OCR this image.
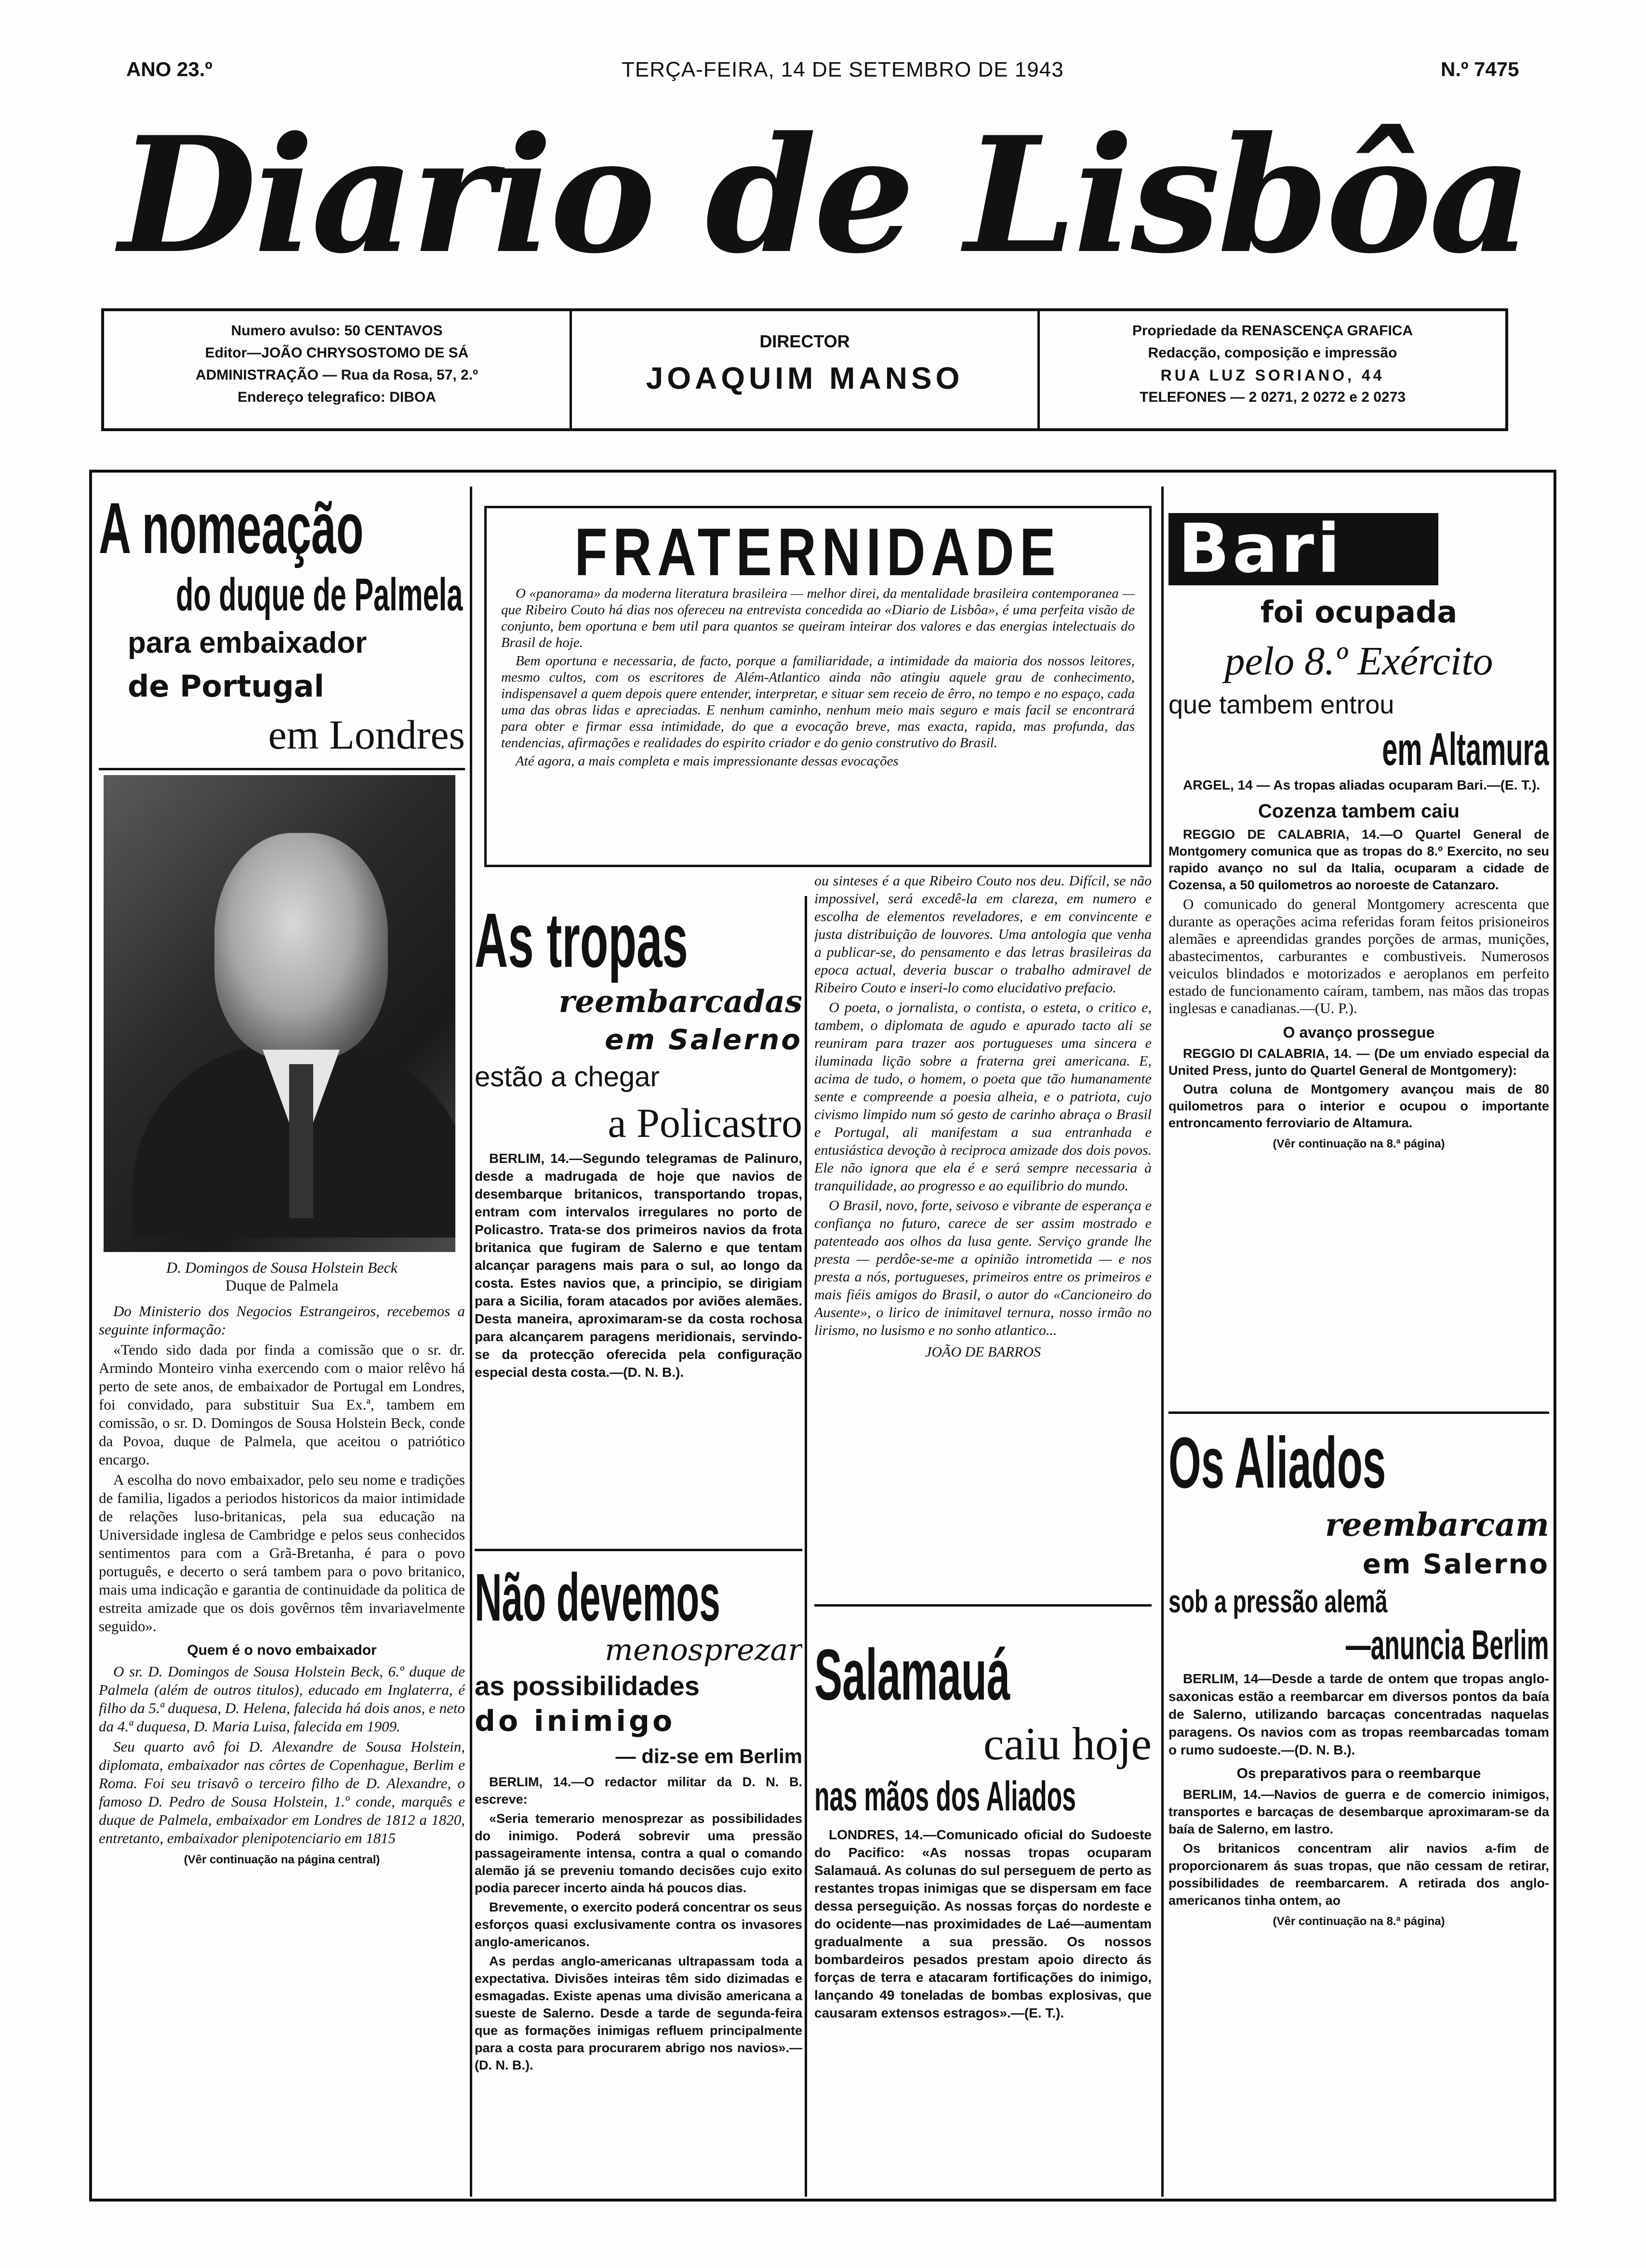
ANO 23.º	TERÇA-FEIRA, 14 DE SETEMBRO DE 1943	N.º 7475
Diario de Lisbôa
Numero avulso: 50 CENTAVOS
Editor—JOÃO CHRYSOSTOMO DE SÁ
ADMINISTRAÇÃO — Rua da Rosa, 57, 2.º
Endereço telegrafico: DIBOA
DIRECTOR
JOAQUIM MANSO
Propriedade da RENASCENÇA GRAFICA
Redacção, composição e impressão
RUA LUZ SORIANO, 44
TELEFONES — 2 0271, 2 0272 e 2 0273
A nomeação
do duque de Palmela
para embaixador
de Portugal
em Londres
D. Domingos de Sousa Holstein Beck
Duque de Palmela

Do Ministerio dos Negocios Estrangeiros, recebemos a seguinte informação:

«Tendo sido dada por finda a comissão que o sr. dr. Armindo Monteiro vinha exercendo com o maior relêvo há perto de sete anos, de embaixador de Portugal em Londres, foi convidado, para substituir Sua Ex.ª, tambem em comissão, o sr. D. Domingos de Sousa Holstein Beck, conde da Povoa, duque de Palmela, que aceitou o patriótico encargo.

A escolha do novo embaixador, pelo seu nome e tradições de familia, ligados a periodos historicos da maior intimidade de relações luso-britanicas, pela sua educação na Universidade inglesa de Cambridge e pelos seus conhecidos sentimentos para com a Grã-Bretanha, é para o povo português, e decerto o será tambem para o povo britanico, mais uma indicação e garantia de continuidade da politica de estreita amizade que os dois govêrnos têm invariavelmente seguido».

Quem é o novo embaixador

O sr. D. Domingos de Sousa Holstein Beck, 6.º duque de Palmela (além de outros titulos), educado em Inglaterra, é filho da 5.ª duquesa, D. Helena, falecida há dois anos, e neto da 4.ª duquesa, D. Maria Luisa, falecida em 1909.

Seu quarto avô foi D. Alexandre de Sousa Holstein, diplomata, embaixador nas côrtes de Copenhague, Berlim e Roma. Foi seu trisavô o terceiro filho de D. Alexandre, o famoso D. Pedro de Sousa Holstein, 1.º conde, marquês e duque de Palmela, embaixador em Londres de 1812 a 1820, entretanto, embaixador plenipotenciario em 1815

(Vêr continuação na página central)
FRATERNIDADE

O «panorama» da moderna literatura brasileira — melhor direi, da mentalidade brasileira contemporanea — que Ribeiro Couto há dias nos ofereceu na entrevista concedida ao «Diario de Lisbôa», é uma perfeita visão de conjunto, bem oportuna e bem util para quantos se queiram inteirar dos valores e das energias intelectuais do Brasil de hoje.

Bem oportuna e necessaria, de facto, porque a familiaridade, a intimidade da maioria dos nossos leitores, mesmo cultos, com os escritores de Além-Atlantico ainda não atingiu aquele grau de conhecimento, indispensavel a quem depois quere entender, interpretar, e situar sem receio de êrro, no tempo e no espaço, cada uma das obras lidas e apreciadas. E nenhum caminho, nenhum meio mais seguro e mais facil se encontrará para obter e firmar essa intimidade, do que a evocação breve, mas exacta, rapida, mas profunda, das tendencias, afirmações e realidades do espirito criador e do genio construtivo do Brasil.

Até agora, a mais completa e mais impressionante dessas evocações

ou sinteses é a que Ribeiro Couto nos deu. Difícil, se não impossivel, será excedê-la em clareza, em numero e escolha de elementos reveladores, e em convincente e justa distribuição de louvores. Uma antologia que venha a publicar-se, do pensamento e das letras brasileiras da epoca actual, deveria buscar o trabalho admiravel de Ribeiro Couto e inseri-lo como elucidativo prefacio.

O poeta, o jornalista, o contista, o esteta, o critico e, tambem, o diplomata de agudo e apurado tacto ali se reuniram para trazer aos portugueses uma sincera e iluminada lição sobre a fraterna grei americana. E, acima de tudo, o homem, o poeta que tão humanamente sente e compreende a poesia alheia, e o patriota, cujo civismo limpido num só gesto de carinho abraça o Brasil e Portugal, ali manifestam a sua entranhada e entusiástica devoção à reciproca amizade dos dois povos. Ele não ignora que ela é e será sempre necessaria à tranquilidade, ao progresso e ao equilibrio do mundo.

O Brasil, novo, forte, seivoso e vibrante de esperança e confiança no futuro, carece de ser assim mostrado e patenteado aos olhos da lusa gente. Serviço grande lhe presta — perdôe-se-me a opinião intrometida — e nos presta a nós, portugueses, primeiros entre os primeiros e mais fiéis amigos do Brasil, o autor do «Cancioneiro do Ausente», o lirico de inimitavel ternura, nosso irmão no lirismo, no lusismo e no sonho atlantico...

JOÃO DE BARROS
As tropas
reembarcadas
em Salerno
estão a chegar
a Policastro

BERLIM, 14.—Segundo telegramas de Palinuro, desde a madrugada de hoje que navios de desembarque britanicos, transportando tropas, entram com intervalos irregulares no porto de Policastro. Trata-se dos primeiros navios da frota britanica que fugiram de Salerno e que tentam alcançar paragens mais para o sul, ao longo da costa. Estes navios que, a principio, se dirigiam para a Sicilia, foram atacados por aviões alemães. Desta maneira, aproximaram-se da costa rochosa para alcançarem paragens meridionais, servindo-se da protecção oferecida pela configuração especial desta costa.—(D. N. B.).

Não devemos
menosprezar
as possibilidades
do inimigo
— diz-se em Berlim

BERLIM, 14.—O redactor militar da D. N. B. escreve:

«Seria temerario menosprezar as possibilidades do inimigo. Poderá sobrevir uma pressão passageiramente intensa, contra a qual o comando alemão já se preveniu tomando decisões cujo exito podia parecer incerto ainda há poucos dias.

Brevemente, o exercito poderá concentrar os seus esforços quasi exclusivamente contra os invasores anglo-americanos.

As perdas anglo-americanas ultrapassam toda a expectativa. Divisões inteiras têm sido dizimadas e esmagadas. Existe apenas uma divisão americana a sueste de Salerno. Desde a tarde de segunda-feira que as formações inimigas refluem principalmente para a costa para procurarem abrigo nos navios».—(D. N. B.).

Salamauá
caiu hoje
nas mãos dos Aliados

LONDRES, 14.—Comunicado oficial do Sudoeste do Pacifico: «As nossas tropas ocuparam Salamauá. As colunas do sul perseguem de perto as restantes tropas inimigas que se dispersam em face dessa perseguição. As nossas forças do nordeste e do ocidente—nas proximidades de Laé—aumentam gradualmente a sua pressão. Os nossos bombardeiros pesados prestam apoio directo ás forças de terra e atacaram fortificações do inimigo, lançando 49 toneladas de bombas explosivas, que causaram extensos estragos».—(E. T.).

Bari
foi ocupada
pelo 8.º Exército
que tambem entrou
em Altamura

ARGEL, 14 — As tropas aliadas ocuparam Bari.—(E. T.).

Cozenza tambem caiu

REGGIO DE CALABRIA, 14.—O Quartel General de Montgomery comunica que as tropas do 8.º Exercito, no seu rapido avanço no sul da Italia, ocuparam a cidade de Cozensa, a 50 quilometros ao noroeste de Catanzaro.

O comunicado do general Montgomery acrescenta que durante as operações acima referidas foram feitos prisioneiros alemães e apreendidas grandes porções de armas, munições, abastecimentos, carburantes e combustiveis. Numerosos veiculos blindados e motorizados e aeroplanos em perfeito estado de funcionamento caíram, tambem, nas mãos das tropas inglesas e canadianas.—(U. P.).

O avanço prossegue

REGGIO DI CALABRIA, 14. — (De um enviado especial da United Press, junto do Quartel General de Montgomery):

Outra coluna de Montgomery avançou mais de 80 quilometros para o interior e ocupou o importante entroncamento ferroviario de Altamura.

(Vêr continuação na 8.ª página)
Os Aliados
reembarcam
em Salerno
sob a pressão alemã
—anuncia Berlim

BERLIM, 14—Desde a tarde de ontem que tropas anglo-saxonicas estão a reembarcar em diversos pontos da baía de Salerno, utilizando barcaças concentradas naquelas paragens. Os navios com as tropas reembarcadas tomam o rumo sudoeste.—(D. N. B.).

Os preparativos para o reembarque

BERLIM, 14.—Navios de guerra e de comercio inimigos, transportes e barcaças de desembarque aproximaram-se da baía de Salerno, em lastro.

Os britanicos concentram alir navios a-fim de proporcionarem ás suas tropas, que não cessam de retirar, possibilidades de reembarcarem. A retirada dos anglo-americanos tinha ontem, ao

(Vêr continuação na 8.ª página)
